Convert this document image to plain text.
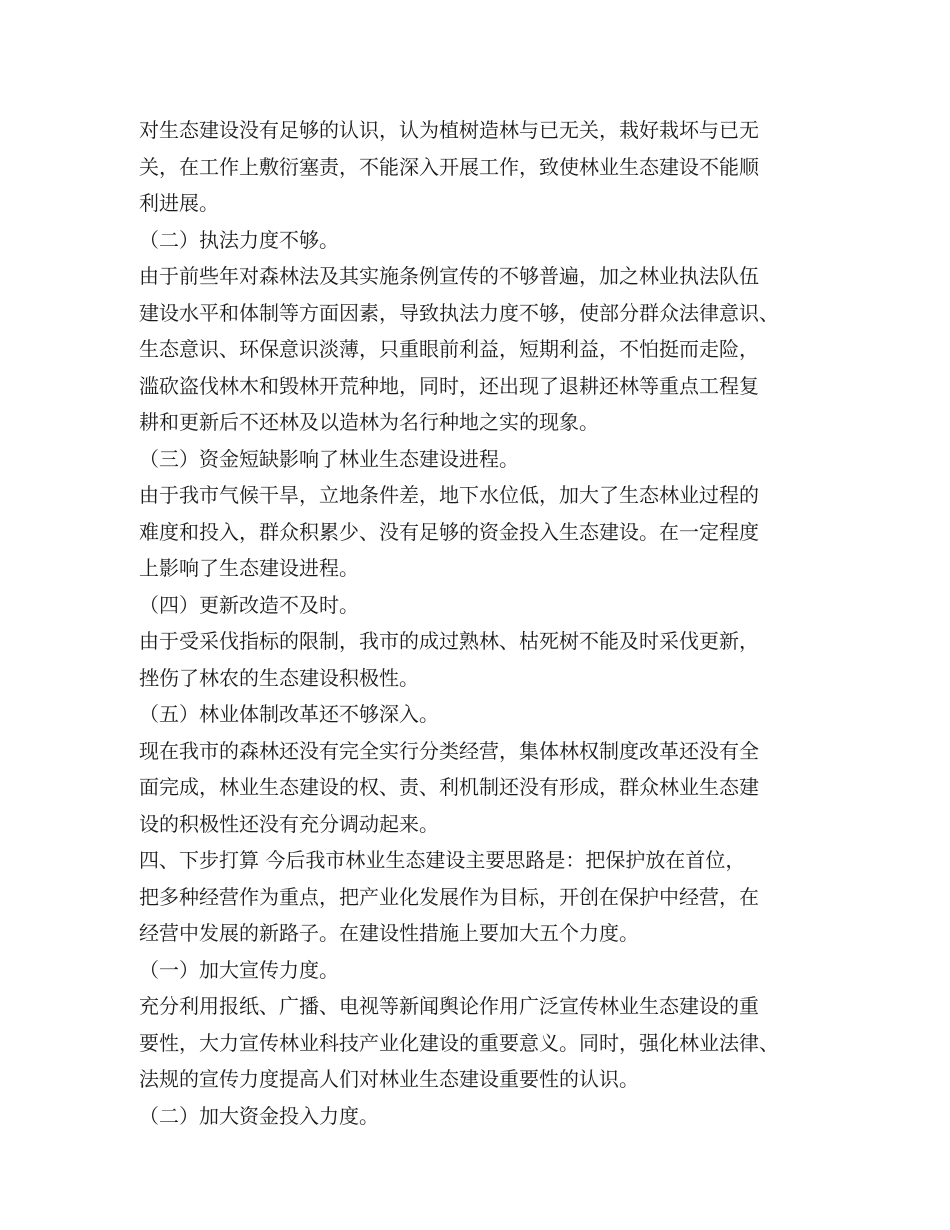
对生态建设没有足够的认识，认为植树造林与已无关，栽好栽坏与已无

关，在工作上敷衍塞责，不能深入开展工作，致使林业生态建设不能顺

利进展。

（二）执法力度不够。

由于前些年对森林法及其实施条例宣传的不够普遍，加之林业执法队伍

建设水平和体制等方面因素，导致执法力度不够，使部分群众法律意识、

生态意识、环保意识淡薄，只重眼前利益，短期利益，不怕挺而走险，

滥砍盗伐林木和毁林开荒种地，同时，还出现了退耕还林等重点工程复

耕和更新后不还林及以造林为名行种地之实的现象。

（三）资金短缺影响了林业生态建设进程。

由于我市气候干旱，立地条件差，地下水位低，加大了生态林业过程的

难度和投入，群众积累少、没有足够的资金投入生态建设。在一定程度

上影响了生态建设进程。

（四）更新改造不及时。

由于受采伐指标的限制，我市的成过熟林、枯死树不能及时采伐更新，

挫伤了林农的生态建设积极性。

（五）林业体制改革还不够深入。

现在我市的森林还没有完全实行分类经营，集体林权制度改革还没有全

面完成，林业生态建设的权、责、利机制还没有形成，群众林业生态建

设的积极性还没有充分调动起来。

四、下步打算 今后我市林业生态建设主要思路是：把保护放在首位，

把多种经营作为重点，把产业化发展作为目标，开创在保护中经营，在

经营中发展的新路子。在建设性措施上要加大五个力度。

（一）加大宣传力度。

充分利用报纸、广播、电视等新闻舆论作用广泛宣传林业生态建设的重

要性，大力宣传林业科技产业化建设的重要意义。同时，强化林业法律、

法规的宣传力度提高人们对林业生态建设重要性的认识。

（二）加大资金投入力度。
